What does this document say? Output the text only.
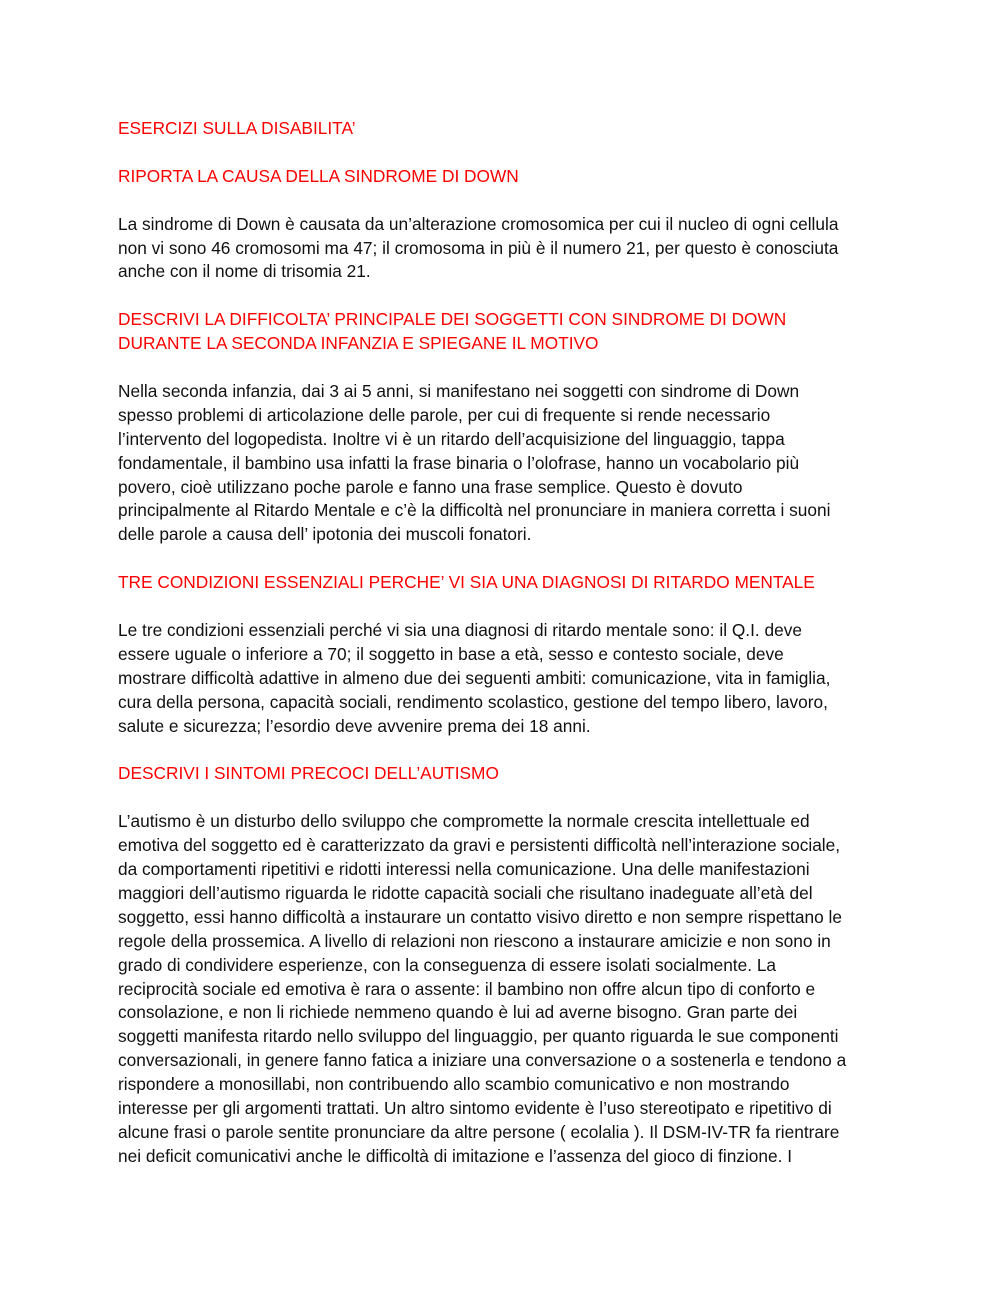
ESERCIZI SULLA DISABILITA’
RIPORTA LA CAUSA DELLA SINDROME DI DOWN
La sindrome di Down è causata da un’alterazione cromosomica per cui il nucleo di ogni cellula
non vi sono 46 cromosomi ma 47; il cromosoma in più è il numero 21, per questo è conosciuta
anche con il nome di trisomia 21.
DESCRIVI LA DIFFICOLTA’ PRINCIPALE DEI SOGGETTI CON SINDROME DI DOWN
DURANTE LA SECONDA INFANZIA E SPIEGANE IL MOTIVO
Nella seconda infanzia, dai 3 ai 5 anni, si manifestano nei soggetti con sindrome di Down
spesso problemi di articolazione delle parole, per cui di frequente si rende necessario
l’intervento del logopedista. Inoltre vi è un ritardo dell’acquisizione del linguaggio, tappa
fondamentale, il bambino usa infatti la frase binaria o l’olofrase, hanno un vocabolario più
povero, cioè utilizzano poche parole e fanno una frase semplice. Questo è dovuto
principalmente al Ritardo Mentale e c’è la difficoltà nel pronunciare in maniera corretta i suoni
delle parole a causa dell’ ipotonia dei muscoli fonatori.
TRE CONDIZIONI ESSENZIALI PERCHE’ VI SIA UNA DIAGNOSI DI RITARDO MENTALE
Le tre condizioni essenziali perché vi sia una diagnosi di ritardo mentale sono: il Q.I. deve
essere uguale o inferiore a 70; il soggetto in base a età, sesso e contesto sociale, deve
mostrare difficoltà adattive in almeno due dei seguenti ambiti: comunicazione, vita in famiglia,
cura della persona, capacità sociali, rendimento scolastico, gestione del tempo libero, lavoro,
salute e sicurezza; l’esordio deve avvenire prema dei 18 anni.
DESCRIVI I SINTOMI PRECOCI DELL’AUTISMO
L’autismo è un disturbo dello sviluppo che compromette la normale crescita intellettuale ed
emotiva del soggetto ed è caratterizzato da gravi e persistenti difficoltà nell’interazione sociale,
da comportamenti ripetitivi e ridotti interessi nella comunicazione. Una delle manifestazioni
maggiori dell’autismo riguarda le ridotte capacità sociali che risultano inadeguate all’età del
soggetto, essi hanno difficoltà a instaurare un contatto visivo diretto e non sempre rispettano le
regole della prossemica. A livello di relazioni non riescono a instaurare amicizie e non sono in
grado di condividere esperienze, con la conseguenza di essere isolati socialmente. La
reciprocità sociale ed emotiva è rara o assente: il bambino non offre alcun tipo di conforto e
consolazione, e non li richiede nemmeno quando è lui ad averne bisogno. Gran parte dei
soggetti manifesta ritardo nello sviluppo del linguaggio, per quanto riguarda le sue componenti
conversazionali, in genere fanno fatica a iniziare una conversazione o a sostenerla e tendono a
rispondere a monosillabi, non contribuendo allo scambio comunicativo e non mostrando
interesse per gli argomenti trattati. Un altro sintomo evidente è l’uso stereotipato e ripetitivo di
alcune frasi o parole sentite pronunciare da altre persone ( ecolalia ). Il DSM-IV-TR fa rientrare
nei deficit comunicativi anche le difficoltà di imitazione e l’assenza del gioco di finzione. I
